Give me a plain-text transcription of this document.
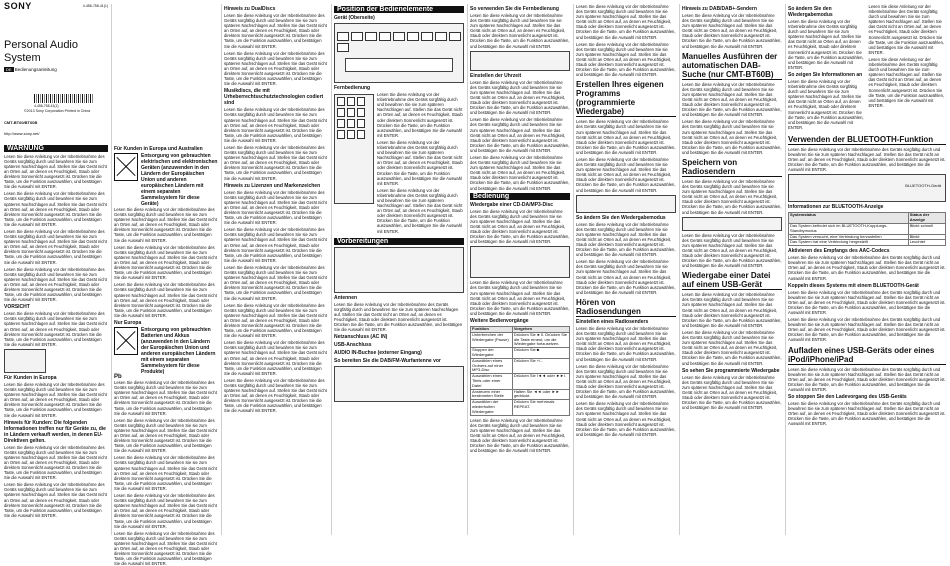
SONY	4-456-758-41(1)
Personal Audio System
DE Bedienungsanleitung
4-456-758-41(1)
©2013 Sony Corporation Printed in China
CMT-BT60/BT60B
http://www.sony.net/
WARNUNG

Lesen Sie diese Anleitung vor der Inbetriebnahme des Geräts sorgfältig durch und bewahren Sie sie zum späteren Nachschlagen auf. Stellen Sie das Gerät nicht an Orten auf, an denen es Feuchtigkeit, Staub oder direktem Sonnenlicht ausgesetzt ist. Drücken Sie die Taste, um die Funktion auszuwählen, und bestätigen Sie die Auswahl mit ENTER.

Lesen Sie diese Anleitung vor der Inbetriebnahme des Geräts sorgfältig durch und bewahren Sie sie zum späteren Nachschlagen auf. Stellen Sie das Gerät nicht an Orten auf, an denen es Feuchtigkeit, Staub oder direktem Sonnenlicht ausgesetzt ist. Drücken Sie die Taste, um die Funktion auszuwählen, und bestätigen Sie die Auswahl mit ENTER.

Lesen Sie diese Anleitung vor der Inbetriebnahme des Geräts sorgfältig durch und bewahren Sie sie zum späteren Nachschlagen auf. Stellen Sie das Gerät nicht an Orten auf, an denen es Feuchtigkeit, Staub oder direktem Sonnenlicht ausgesetzt ist. Drücken Sie die Taste, um die Funktion auszuwählen, und bestätigen Sie die Auswahl mit ENTER.

Lesen Sie diese Anleitung vor der Inbetriebnahme des Geräts sorgfältig durch und bewahren Sie sie zum späteren Nachschlagen auf. Stellen Sie das Gerät nicht an Orten auf, an denen es Feuchtigkeit, Staub oder direktem Sonnenlicht ausgesetzt ist. Drücken Sie die Taste, um die Funktion auszuwählen, und bestätigen Sie die Auswahl mit ENTER.

VORSICHT

Lesen Sie diese Anleitung vor der Inbetriebnahme des Geräts sorgfältig durch und bewahren Sie sie zum späteren Nachschlagen auf. Stellen Sie das Gerät nicht an Orten auf, an denen es Feuchtigkeit, Staub oder direktem Sonnenlicht ausgesetzt ist. Drücken Sie die Taste, um die Funktion auszuwählen, und bestätigen Sie die Auswahl mit ENTER.

Für Kunden in Europa

Lesen Sie diese Anleitung vor der Inbetriebnahme des Geräts sorgfältig durch und bewahren Sie sie zum späteren Nachschlagen auf. Stellen Sie das Gerät nicht an Orten auf, an denen es Feuchtigkeit, Staub oder direktem Sonnenlicht ausgesetzt ist. Drücken Sie die Taste, um die Funktion auszuwählen, und bestätigen Sie die Auswahl mit ENTER.

Hinweis für Kunden: Die folgenden Informationen treffen nur für Geräte zu, die in Ländern verkauft werden, in denen EU-Direktiven gelten.

Lesen Sie diese Anleitung vor der Inbetriebnahme des Geräts sorgfältig durch und bewahren Sie sie zum späteren Nachschlagen auf. Stellen Sie das Gerät nicht an Orten auf, an denen es Feuchtigkeit, Staub oder direktem Sonnenlicht ausgesetzt ist. Drücken Sie die Taste, um die Funktion auszuwählen, und bestätigen Sie die Auswahl mit ENTER.

Lesen Sie diese Anleitung vor der Inbetriebnahme des Geräts sorgfältig durch und bewahren Sie sie zum späteren Nachschlagen auf. Stellen Sie das Gerät nicht an Orten auf, an denen es Feuchtigkeit, Staub oder direktem Sonnenlicht ausgesetzt ist. Drücken Sie die Taste, um die Funktion auszuwählen, und bestätigen Sie die Auswahl mit ENTER.

Für Kunden in Europa und Australien
Entsorgung von gebrauchten elektrischen und elektronischen Geräten (anzuwenden in den Ländern der Europäischen Union und anderen europäischen Ländern mit einem separaten Sammelsystem für diese Geräte)

Lesen Sie diese Anleitung vor der Inbetriebnahme des Geräts sorgfältig durch und bewahren Sie sie zum späteren Nachschlagen auf. Stellen Sie das Gerät nicht an Orten auf, an denen es Feuchtigkeit, Staub oder direktem Sonnenlicht ausgesetzt ist. Drücken Sie die Taste, um die Funktion auszuwählen, und bestätigen Sie die Auswahl mit ENTER.

Lesen Sie diese Anleitung vor der Inbetriebnahme des Geräts sorgfältig durch und bewahren Sie sie zum späteren Nachschlagen auf. Stellen Sie das Gerät nicht an Orten auf, an denen es Feuchtigkeit, Staub oder direktem Sonnenlicht ausgesetzt ist. Drücken Sie die Taste, um die Funktion auszuwählen, und bestätigen Sie die Auswahl mit ENTER.

Lesen Sie diese Anleitung vor der Inbetriebnahme des Geräts sorgfältig durch und bewahren Sie sie zum späteren Nachschlagen auf. Stellen Sie das Gerät nicht an Orten auf, an denen es Feuchtigkeit, Staub oder direktem Sonnenlicht ausgesetzt ist. Drücken Sie die Taste, um die Funktion auszuwählen, und bestätigen Sie die Auswahl mit ENTER.

Nur Europa
Entsorgung von gebrauchten Batterien und Akkus (anzuwenden in den Ländern der Europäischen Union und anderen europäischen Ländern mit einem separaten Sammelsystem für diese Produkte)
Pb

Lesen Sie diese Anleitung vor der Inbetriebnahme des Geräts sorgfältig durch und bewahren Sie sie zum späteren Nachschlagen auf. Stellen Sie das Gerät nicht an Orten auf, an denen es Feuchtigkeit, Staub oder direktem Sonnenlicht ausgesetzt ist. Drücken Sie die Taste, um die Funktion auszuwählen, und bestätigen Sie die Auswahl mit ENTER.

Lesen Sie diese Anleitung vor der Inbetriebnahme des Geräts sorgfältig durch und bewahren Sie sie zum späteren Nachschlagen auf. Stellen Sie das Gerät nicht an Orten auf, an denen es Feuchtigkeit, Staub oder direktem Sonnenlicht ausgesetzt ist. Drücken Sie die Taste, um die Funktion auszuwählen, und bestätigen Sie die Auswahl mit ENTER.

Lesen Sie diese Anleitung vor der Inbetriebnahme des Geräts sorgfältig durch und bewahren Sie sie zum späteren Nachschlagen auf. Stellen Sie das Gerät nicht an Orten auf, an denen es Feuchtigkeit, Staub oder direktem Sonnenlicht ausgesetzt ist. Drücken Sie die Taste, um die Funktion auszuwählen, und bestätigen Sie die Auswahl mit ENTER.

Lesen Sie diese Anleitung vor der Inbetriebnahme des Geräts sorgfältig durch und bewahren Sie sie zum späteren Nachschlagen auf. Stellen Sie das Gerät nicht an Orten auf, an denen es Feuchtigkeit, Staub oder direktem Sonnenlicht ausgesetzt ist. Drücken Sie die Taste, um die Funktion auszuwählen, und bestätigen Sie die Auswahl mit ENTER.

Lesen Sie diese Anleitung vor der Inbetriebnahme des Geräts sorgfältig durch und bewahren Sie sie zum späteren Nachschlagen auf. Stellen Sie das Gerät nicht an Orten auf, an denen es Feuchtigkeit, Staub oder direktem Sonnenlicht ausgesetzt ist. Drücken Sie die Taste, um die Funktion auszuwählen, und bestätigen Sie die Auswahl mit ENTER.

Hinweis zu DualDiscs

Lesen Sie diese Anleitung vor der Inbetriebnahme des Geräts sorgfältig durch und bewahren Sie sie zum späteren Nachschlagen auf. Stellen Sie das Gerät nicht an Orten auf, an denen es Feuchtigkeit, Staub oder direktem Sonnenlicht ausgesetzt ist. Drücken Sie die Taste, um die Funktion auszuwählen, und bestätigen Sie die Auswahl mit ENTER.

Lesen Sie diese Anleitung vor der Inbetriebnahme des Geräts sorgfältig durch und bewahren Sie sie zum späteren Nachschlagen auf. Stellen Sie das Gerät nicht an Orten auf, an denen es Feuchtigkeit, Staub oder direktem Sonnenlicht ausgesetzt ist. Drücken Sie die Taste, um die Funktion auszuwählen, und bestätigen Sie die Auswahl mit ENTER.

Musikdiscs, die mit Urheberrechtsschutztechnologien codiert sind

Lesen Sie diese Anleitung vor der Inbetriebnahme des Geräts sorgfältig durch und bewahren Sie sie zum späteren Nachschlagen auf. Stellen Sie das Gerät nicht an Orten auf, an denen es Feuchtigkeit, Staub oder direktem Sonnenlicht ausgesetzt ist. Drücken Sie die Taste, um die Funktion auszuwählen, und bestätigen Sie die Auswahl mit ENTER.

Lesen Sie diese Anleitung vor der Inbetriebnahme des Geräts sorgfältig durch und bewahren Sie sie zum späteren Nachschlagen auf. Stellen Sie das Gerät nicht an Orten auf, an denen es Feuchtigkeit, Staub oder direktem Sonnenlicht ausgesetzt ist. Drücken Sie die Taste, um die Funktion auszuwählen, und bestätigen Sie die Auswahl mit ENTER.

Hinweis zu Lizenzen und Markenzeichen

Lesen Sie diese Anleitung vor der Inbetriebnahme des Geräts sorgfältig durch und bewahren Sie sie zum späteren Nachschlagen auf. Stellen Sie das Gerät nicht an Orten auf, an denen es Feuchtigkeit, Staub oder direktem Sonnenlicht ausgesetzt ist. Drücken Sie die Taste, um die Funktion auszuwählen, und bestätigen Sie die Auswahl mit ENTER.

Lesen Sie diese Anleitung vor der Inbetriebnahme des Geräts sorgfältig durch und bewahren Sie sie zum späteren Nachschlagen auf. Stellen Sie das Gerät nicht an Orten auf, an denen es Feuchtigkeit, Staub oder direktem Sonnenlicht ausgesetzt ist. Drücken Sie die Taste, um die Funktion auszuwählen, und bestätigen Sie die Auswahl mit ENTER.

Lesen Sie diese Anleitung vor der Inbetriebnahme des Geräts sorgfältig durch und bewahren Sie sie zum späteren Nachschlagen auf. Stellen Sie das Gerät nicht an Orten auf, an denen es Feuchtigkeit, Staub oder direktem Sonnenlicht ausgesetzt ist. Drücken Sie die Taste, um die Funktion auszuwählen, und bestätigen Sie die Auswahl mit ENTER.

Lesen Sie diese Anleitung vor der Inbetriebnahme des Geräts sorgfältig durch und bewahren Sie sie zum späteren Nachschlagen auf. Stellen Sie das Gerät nicht an Orten auf, an denen es Feuchtigkeit, Staub oder direktem Sonnenlicht ausgesetzt ist. Drücken Sie die Taste, um die Funktion auszuwählen, und bestätigen Sie die Auswahl mit ENTER.

Lesen Sie diese Anleitung vor der Inbetriebnahme des Geräts sorgfältig durch und bewahren Sie sie zum späteren Nachschlagen auf. Stellen Sie das Gerät nicht an Orten auf, an denen es Feuchtigkeit, Staub oder direktem Sonnenlicht ausgesetzt ist. Drücken Sie die Taste, um die Funktion auszuwählen, und bestätigen Sie die Auswahl mit ENTER.

Lesen Sie diese Anleitung vor der Inbetriebnahme des Geräts sorgfältig durch und bewahren Sie sie zum späteren Nachschlagen auf. Stellen Sie das Gerät nicht an Orten auf, an denen es Feuchtigkeit, Staub oder direktem Sonnenlicht ausgesetzt ist. Drücken Sie die Taste, um die Funktion auszuwählen, und bestätigen Sie die Auswahl mit ENTER.

Position der Bedienelemente
Gerät (Oberseite)
Fernbedienung

Lesen Sie diese Anleitung vor der Inbetriebnahme des Geräts sorgfältig durch und bewahren Sie sie zum späteren Nachschlagen auf. Stellen Sie das Gerät nicht an Orten auf, an denen es Feuchtigkeit, Staub oder direktem Sonnenlicht ausgesetzt ist. Drücken Sie die Taste, um die Funktion auszuwählen, und bestätigen Sie die Auswahl mit ENTER.

Lesen Sie diese Anleitung vor der Inbetriebnahme des Geräts sorgfältig durch und bewahren Sie sie zum späteren Nachschlagen auf. Stellen Sie das Gerät nicht an Orten auf, an denen es Feuchtigkeit, Staub oder direktem Sonnenlicht ausgesetzt ist. Drücken Sie die Taste, um die Funktion auszuwählen, und bestätigen Sie die Auswahl mit ENTER.

Lesen Sie diese Anleitung vor der Inbetriebnahme des Geräts sorgfältig durch und bewahren Sie sie zum späteren Nachschlagen auf. Stellen Sie das Gerät nicht an Orten auf, an denen es Feuchtigkeit, Staub oder direktem Sonnenlicht ausgesetzt ist. Drücken Sie die Taste, um die Funktion auszuwählen, und bestätigen Sie die Auswahl mit ENTER.

Vorbereitungen
Antennen

Lesen Sie diese Anleitung vor der Inbetriebnahme des Geräts sorgfältig durch und bewahren Sie sie zum späteren Nachschlagen auf. Stellen Sie das Gerät nicht an Orten auf, an denen es Feuchtigkeit, Staub oder direktem Sonnenlicht ausgesetzt ist. Drücken Sie die Taste, um die Funktion auszuwählen, und bestätigen Sie die Auswahl mit ENTER.

Netzanschluss (AC IN)
USB-Anschluss
AUDIO IN-Buchse (externer Eingang)
So bereiten Sie die DAB/FM-Wurfantenne vor
So verwenden Sie die Fernbedienung

Lesen Sie diese Anleitung vor der Inbetriebnahme des Geräts sorgfältig durch und bewahren Sie sie zum späteren Nachschlagen auf. Stellen Sie das Gerät nicht an Orten auf, an denen es Feuchtigkeit, Staub oder direktem Sonnenlicht ausgesetzt ist. Drücken Sie die Taste, um die Funktion auszuwählen, und bestätigen Sie die Auswahl mit ENTER.

Einstellen der Uhrzeit

Lesen Sie diese Anleitung vor der Inbetriebnahme des Geräts sorgfältig durch und bewahren Sie sie zum späteren Nachschlagen auf. Stellen Sie das Gerät nicht an Orten auf, an denen es Feuchtigkeit, Staub oder direktem Sonnenlicht ausgesetzt ist. Drücken Sie die Taste, um die Funktion auszuwählen, und bestätigen Sie die Auswahl mit ENTER.

Lesen Sie diese Anleitung vor der Inbetriebnahme des Geräts sorgfältig durch und bewahren Sie sie zum späteren Nachschlagen auf. Stellen Sie das Gerät nicht an Orten auf, an denen es Feuchtigkeit, Staub oder direktem Sonnenlicht ausgesetzt ist. Drücken Sie die Taste, um die Funktion auszuwählen, und bestätigen Sie die Auswahl mit ENTER.

Lesen Sie diese Anleitung vor der Inbetriebnahme des Geräts sorgfältig durch und bewahren Sie sie zum späteren Nachschlagen auf. Stellen Sie das Gerät nicht an Orten auf, an denen es Feuchtigkeit, Staub oder direktem Sonnenlicht ausgesetzt ist. Drücken Sie die Taste, um die Funktion auszuwählen, und bestätigen Sie die Auswahl mit ENTER.

Bedienung
Wiedergabe einer CD-DA/MP3-Disc

Lesen Sie diese Anleitung vor der Inbetriebnahme des Geräts sorgfältig durch und bewahren Sie sie zum späteren Nachschlagen auf. Stellen Sie das Gerät nicht an Orten auf, an denen es Feuchtigkeit, Staub oder direktem Sonnenlicht ausgesetzt ist. Drücken Sie die Taste, um die Funktion auszuwählen, und bestätigen Sie die Auswahl mit ENTER.

Lesen Sie diese Anleitung vor der Inbetriebnahme des Geräts sorgfältig durch und bewahren Sie sie zum späteren Nachschlagen auf. Stellen Sie das Gerät nicht an Orten auf, an denen es Feuchtigkeit, Staub oder direktem Sonnenlicht ausgesetzt ist. Drücken Sie die Taste, um die Funktion auszuwählen, und bestätigen Sie die Auswahl mit ENTER.

Weitere Bedienvorgänge
Funktion	Vorgehen
Unterbrechen der Wiedergabe (Pause)	Drücken Sie ►II. Drücken Sie die Taste erneut, um die Wiedergabe fortzusetzen.
Stoppen der Wiedergabe	Drücken Sie ■.
Auswählen eines Ordners auf einer MP3-Disc	Drücken Sie +/-.
Auswählen eines Titels oder einer Datei	Drücken Sie I◄◄ oder ►►I.
Ansteuern einer bestimmten Stelle	Halten Sie ◄◄ oder ►► gedrückt.
Auswählen der wiederholten Wiedergabe	Drücken Sie mehrmals REPEAT.

Lesen Sie diese Anleitung vor der Inbetriebnahme des Geräts sorgfältig durch und bewahren Sie sie zum späteren Nachschlagen auf. Stellen Sie das Gerät nicht an Orten auf, an denen es Feuchtigkeit, Staub oder direktem Sonnenlicht ausgesetzt ist. Drücken Sie die Taste, um die Funktion auszuwählen, und bestätigen Sie die Auswahl mit ENTER.

Lesen Sie diese Anleitung vor der Inbetriebnahme des Geräts sorgfältig durch und bewahren Sie sie zum späteren Nachschlagen auf. Stellen Sie das Gerät nicht an Orten auf, an denen es Feuchtigkeit, Staub oder direktem Sonnenlicht ausgesetzt ist. Drücken Sie die Taste, um die Funktion auszuwählen, und bestätigen Sie die Auswahl mit ENTER.

Lesen Sie diese Anleitung vor der Inbetriebnahme des Geräts sorgfältig durch und bewahren Sie sie zum späteren Nachschlagen auf. Stellen Sie das Gerät nicht an Orten auf, an denen es Feuchtigkeit, Staub oder direktem Sonnenlicht ausgesetzt ist. Drücken Sie die Taste, um die Funktion auszuwählen, und bestätigen Sie die Auswahl mit ENTER.

Erstellen Ihres eigenen Programms (programmierte Wiedergabe)

Lesen Sie diese Anleitung vor der Inbetriebnahme des Geräts sorgfältig durch und bewahren Sie sie zum späteren Nachschlagen auf. Stellen Sie das Gerät nicht an Orten auf, an denen es Feuchtigkeit, Staub oder direktem Sonnenlicht ausgesetzt ist. Drücken Sie die Taste, um die Funktion auszuwählen, und bestätigen Sie die Auswahl mit ENTER.

Lesen Sie diese Anleitung vor der Inbetriebnahme des Geräts sorgfältig durch und bewahren Sie sie zum späteren Nachschlagen auf. Stellen Sie das Gerät nicht an Orten auf, an denen es Feuchtigkeit, Staub oder direktem Sonnenlicht ausgesetzt ist. Drücken Sie die Taste, um die Funktion auszuwählen, und bestätigen Sie die Auswahl mit ENTER.

So ändern Sie den Wiedergabemodus

Lesen Sie diese Anleitung vor der Inbetriebnahme des Geräts sorgfältig durch und bewahren Sie sie zum späteren Nachschlagen auf. Stellen Sie das Gerät nicht an Orten auf, an denen es Feuchtigkeit, Staub oder direktem Sonnenlicht ausgesetzt ist. Drücken Sie die Taste, um die Funktion auszuwählen, und bestätigen Sie die Auswahl mit ENTER.

Lesen Sie diese Anleitung vor der Inbetriebnahme des Geräts sorgfältig durch und bewahren Sie sie zum späteren Nachschlagen auf. Stellen Sie das Gerät nicht an Orten auf, an denen es Feuchtigkeit, Staub oder direktem Sonnenlicht ausgesetzt ist. Drücken Sie die Taste, um die Funktion auszuwählen, und bestätigen Sie die Auswahl mit ENTER.

Hören von Radiosendungen
Einstellen eines Radiosenders

Lesen Sie diese Anleitung vor der Inbetriebnahme des Geräts sorgfältig durch und bewahren Sie sie zum späteren Nachschlagen auf. Stellen Sie das Gerät nicht an Orten auf, an denen es Feuchtigkeit, Staub oder direktem Sonnenlicht ausgesetzt ist. Drücken Sie die Taste, um die Funktion auszuwählen, und bestätigen Sie die Auswahl mit ENTER.

Lesen Sie diese Anleitung vor der Inbetriebnahme des Geräts sorgfältig durch und bewahren Sie sie zum späteren Nachschlagen auf. Stellen Sie das Gerät nicht an Orten auf, an denen es Feuchtigkeit, Staub oder direktem Sonnenlicht ausgesetzt ist. Drücken Sie die Taste, um die Funktion auszuwählen, und bestätigen Sie die Auswahl mit ENTER.

Lesen Sie diese Anleitung vor der Inbetriebnahme des Geräts sorgfältig durch und bewahren Sie sie zum späteren Nachschlagen auf. Stellen Sie das Gerät nicht an Orten auf, an denen es Feuchtigkeit, Staub oder direktem Sonnenlicht ausgesetzt ist. Drücken Sie die Taste, um die Funktion auszuwählen, und bestätigen Sie die Auswahl mit ENTER.

Hinweis zu DAB/DAB+-Sendern

Lesen Sie diese Anleitung vor der Inbetriebnahme des Geräts sorgfältig durch und bewahren Sie sie zum späteren Nachschlagen auf. Stellen Sie das Gerät nicht an Orten auf, an denen es Feuchtigkeit, Staub oder direktem Sonnenlicht ausgesetzt ist. Drücken Sie die Taste, um die Funktion auszuwählen, und bestätigen Sie die Auswahl mit ENTER.

Manuelles Ausführen der automatischen DAB-Suche (nur CMT-BT60B)

Lesen Sie diese Anleitung vor der Inbetriebnahme des Geräts sorgfältig durch und bewahren Sie sie zum späteren Nachschlagen auf. Stellen Sie das Gerät nicht an Orten auf, an denen es Feuchtigkeit, Staub oder direktem Sonnenlicht ausgesetzt ist. Drücken Sie die Taste, um die Funktion auszuwählen, und bestätigen Sie die Auswahl mit ENTER.

Lesen Sie diese Anleitung vor der Inbetriebnahme des Geräts sorgfältig durch und bewahren Sie sie zum späteren Nachschlagen auf. Stellen Sie das Gerät nicht an Orten auf, an denen es Feuchtigkeit, Staub oder direktem Sonnenlicht ausgesetzt ist. Drücken Sie die Taste, um die Funktion auszuwählen, und bestätigen Sie die Auswahl mit ENTER.

Speichern von Radiosendern

Lesen Sie diese Anleitung vor der Inbetriebnahme des Geräts sorgfältig durch und bewahren Sie sie zum späteren Nachschlagen auf. Stellen Sie das Gerät nicht an Orten auf, an denen es Feuchtigkeit, Staub oder direktem Sonnenlicht ausgesetzt ist. Drücken Sie die Taste, um die Funktion auszuwählen, und bestätigen Sie die Auswahl mit ENTER.

Lesen Sie diese Anleitung vor der Inbetriebnahme des Geräts sorgfältig durch und bewahren Sie sie zum späteren Nachschlagen auf. Stellen Sie das Gerät nicht an Orten auf, an denen es Feuchtigkeit, Staub oder direktem Sonnenlicht ausgesetzt ist. Drücken Sie die Taste, um die Funktion auszuwählen, und bestätigen Sie die Auswahl mit ENTER.

Wiedergabe einer Datei auf einem USB-Gerät

Lesen Sie diese Anleitung vor der Inbetriebnahme des Geräts sorgfältig durch und bewahren Sie sie zum späteren Nachschlagen auf. Stellen Sie das Gerät nicht an Orten auf, an denen es Feuchtigkeit, Staub oder direktem Sonnenlicht ausgesetzt ist. Drücken Sie die Taste, um die Funktion auszuwählen, und bestätigen Sie die Auswahl mit ENTER.

Lesen Sie diese Anleitung vor der Inbetriebnahme des Geräts sorgfältig durch und bewahren Sie sie zum späteren Nachschlagen auf. Stellen Sie das Gerät nicht an Orten auf, an denen es Feuchtigkeit, Staub oder direktem Sonnenlicht ausgesetzt ist. Drücken Sie die Taste, um die Funktion auszuwählen, und bestätigen Sie die Auswahl mit ENTER.

So sehen Sie programmierte Wiedergabe

Lesen Sie diese Anleitung vor der Inbetriebnahme des Geräts sorgfältig durch und bewahren Sie sie zum späteren Nachschlagen auf. Stellen Sie das Gerät nicht an Orten auf, an denen es Feuchtigkeit, Staub oder direktem Sonnenlicht ausgesetzt ist. Drücken Sie die Taste, um die Funktion auszuwählen, und bestätigen Sie die Auswahl mit ENTER.

So ändern Sie den Wiedergabemodus

Lesen Sie diese Anleitung vor der Inbetriebnahme des Geräts sorgfältig durch und bewahren Sie sie zum späteren Nachschlagen auf. Stellen Sie das Gerät nicht an Orten auf, an denen es Feuchtigkeit, Staub oder direktem Sonnenlicht ausgesetzt ist. Drücken Sie die Taste, um die Funktion auszuwählen, und bestätigen Sie die Auswahl mit ENTER.

So zeigen Sie Informationen an

Lesen Sie diese Anleitung vor der Inbetriebnahme des Geräts sorgfältig durch und bewahren Sie sie zum späteren Nachschlagen auf. Stellen Sie das Gerät nicht an Orten auf, an denen es Feuchtigkeit, Staub oder direktem Sonnenlicht ausgesetzt ist. Drücken Sie die Taste, um die Funktion auszuwählen, und bestätigen Sie die Auswahl mit ENTER.

Lesen Sie diese Anleitung vor der Inbetriebnahme des Geräts sorgfältig durch und bewahren Sie sie zum späteren Nachschlagen auf. Stellen Sie das Gerät nicht an Orten auf, an denen es Feuchtigkeit, Staub oder direktem Sonnenlicht ausgesetzt ist. Drücken Sie die Taste, um die Funktion auszuwählen, und bestätigen Sie die Auswahl mit ENTER.

Lesen Sie diese Anleitung vor der Inbetriebnahme des Geräts sorgfältig durch und bewahren Sie sie zum späteren Nachschlagen auf. Stellen Sie das Gerät nicht an Orten auf, an denen es Feuchtigkeit, Staub oder direktem Sonnenlicht ausgesetzt ist. Drücken Sie die Taste, um die Funktion auszuwählen, und bestätigen Sie die Auswahl mit ENTER.

Verwenden der BLUETOOTH-Funktion

Lesen Sie diese Anleitung vor der Inbetriebnahme des Geräts sorgfältig durch und bewahren Sie sie zum späteren Nachschlagen auf. Stellen Sie das Gerät nicht an Orten auf, an denen es Feuchtigkeit, Staub oder direktem Sonnenlicht ausgesetzt ist. Drücken Sie die Taste, um die Funktion auszuwählen, und bestätigen Sie die Auswahl mit ENTER.

BLUETOOTH-Gerät
Informationen zur BLUETOOTH-Anzeige
Systemstatus	Status der Anzeige
Das System befindet sich im BLUETOOTH-Kopplungs-Standbymodus	Blinkt schnell
Das System versucht, eine Verbindung herzustellen	Blinkt
Das System hat eine Verbindung hergestellt	Leuchtet
Aktivieren des Empfangs des AAC-Codecs

Lesen Sie diese Anleitung vor der Inbetriebnahme des Geräts sorgfältig durch und bewahren Sie sie zum späteren Nachschlagen auf. Stellen Sie das Gerät nicht an Orten auf, an denen es Feuchtigkeit, Staub oder direktem Sonnenlicht ausgesetzt ist. Drücken Sie die Taste, um die Funktion auszuwählen, und bestätigen Sie die Auswahl mit ENTER.

Koppeln dieses Systems mit einem BLUETOOTH-Gerät

Lesen Sie diese Anleitung vor der Inbetriebnahme des Geräts sorgfältig durch und bewahren Sie sie zum späteren Nachschlagen auf. Stellen Sie das Gerät nicht an Orten auf, an denen es Feuchtigkeit, Staub oder direktem Sonnenlicht ausgesetzt ist. Drücken Sie die Taste, um die Funktion auszuwählen, und bestätigen Sie die Auswahl mit ENTER.

Lesen Sie diese Anleitung vor der Inbetriebnahme des Geräts sorgfältig durch und bewahren Sie sie zum späteren Nachschlagen auf. Stellen Sie das Gerät nicht an Orten auf, an denen es Feuchtigkeit, Staub oder direktem Sonnenlicht ausgesetzt ist. Drücken Sie die Taste, um die Funktion auszuwählen, und bestätigen Sie die Auswahl mit ENTER.

Aufladen eines USB-Geräts oder eines iPod/iPhone/iPad

Lesen Sie diese Anleitung vor der Inbetriebnahme des Geräts sorgfältig durch und bewahren Sie sie zum späteren Nachschlagen auf. Stellen Sie das Gerät nicht an Orten auf, an denen es Feuchtigkeit, Staub oder direktem Sonnenlicht ausgesetzt ist. Drücken Sie die Taste, um die Funktion auszuwählen, und bestätigen Sie die Auswahl mit ENTER.

So stoppen Sie den Ladevorgang des USB-Geräts

Lesen Sie diese Anleitung vor der Inbetriebnahme des Geräts sorgfältig durch und bewahren Sie sie zum späteren Nachschlagen auf. Stellen Sie das Gerät nicht an Orten auf, an denen es Feuchtigkeit, Staub oder direktem Sonnenlicht ausgesetzt ist. Drücken Sie die Taste, um die Funktion auszuwählen, und bestätigen Sie die Auswahl mit ENTER.
